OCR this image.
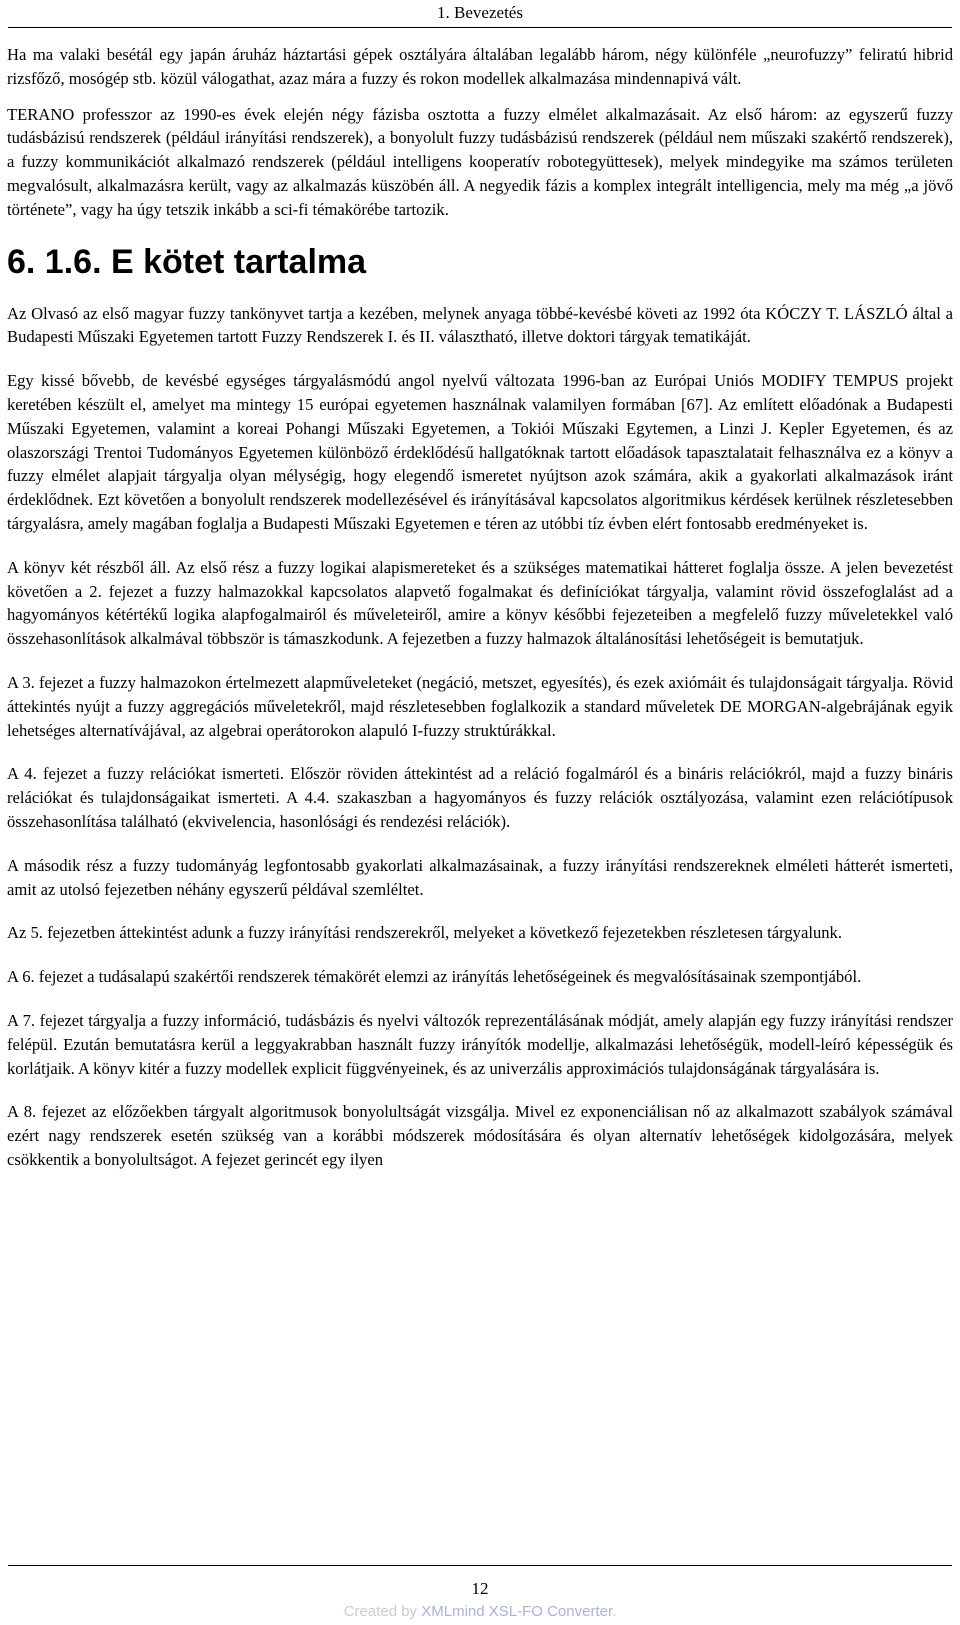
1. Bevezetés

Ha ma valaki besétál egy japán áruház háztartási gépek osztályára általában legalább három, négy különféle „neurofuzzy” feliratú hibrid rizsfőző, mosógép stb. közül válogathat, azaz mára a fuzzy és rokon modellek alkalmazása mindennapivá vált.

TERANO professzor az 1990-es évek elején négy fázisba osztotta a fuzzy elmélet alkalmazásait. Az első három: az egyszerű fuzzy tudásbázisú rendszerek (például irányítási rendszerek), a bonyolult fuzzy tudásbázisú rendszerek (például nem műszaki szakértő rendszerek), a fuzzy kommunikációt alkalmazó rendszerek (például intelligens kooperatív robotegyüttesek), melyek mindegyike ma számos területen megvalósult, alkalmazásra került, vagy az alkalmazás küszöbén áll. A negyedik fázis a komplex integrált intelligencia, mely ma még „a jövő története”, vagy ha úgy tetszik inkább a sci-fi témakörébe tartozik.

6. 1.6. E kötet tartalma

Az Olvasó az első magyar fuzzy tankönyvet tartja a kezében, melynek anyaga többé-kevésbé követi az 1992 óta KÓCZY T. LÁSZLÓ által a Budapesti Műszaki Egyetemen tartott Fuzzy Rendszerek I. és II. választható, illetve doktori tárgyak tematikáját.

Egy kissé bővebb, de kevésbé egységes tárgyalásmódú angol nyelvű változata 1996-ban az Európai Uniós MODIFY TEMPUS projekt keretében készült el, amelyet ma mintegy 15 európai egyetemen használnak valamilyen formában [67]. Az említett előadónak a Budapesti Műszaki Egyetemen, valamint a koreai Pohangi Műszaki Egyetemen, a Tokiói Műszaki Egytemen, a Linzi J. Kepler Egyetemen, és az olaszországi Trentoi Tudományos Egyetemen különböző érdeklődésű hallgatóknak tartott előadások tapasztalatait felhasználva ez a könyv a fuzzy elmélet alapjait tárgyalja olyan mélységig, hogy elegendő ismeretet nyújtson azok számára, akik a gyakorlati alkalmazások iránt érdeklődnek. Ezt követően a bonyolult rendszerek modellezésével és irányításával kapcsolatos algoritmikus kérdések kerülnek részletesebben tárgyalásra, amely magában foglalja a Budapesti Műszaki Egyetemen e téren az utóbbi tíz évben elért fontosabb eredményeket is.

A könyv két részből áll. Az első rész a fuzzy logikai alapismereteket és a szükséges matematikai hátteret foglalja össze. A jelen bevezetést követően a 2. fejezet a fuzzy halmazokkal kapcsolatos alapvető fogalmakat és definíciókat tárgyalja, valamint rövid összefoglalást ad a hagyományos kétértékű logika alapfogalmairól és műveleteiről, amire a könyv későbbi fejezeteiben a megfelelő fuzzy műveletekkel való összehasonlítások alkalmával többször is támaszkodunk. A fejezetben a fuzzy halmazok általánosítási lehetőségeit is bemutatjuk.

A 3. fejezet a fuzzy halmazokon értelmezett alapműveleteket (negáció, metszet, egyesítés), és ezek axiómáit és tulajdonságait tárgyalja. Rövid áttekintés nyújt a fuzzy aggregációs műveletekről, majd részletesebben foglalkozik a standard műveletek DE MORGAN-algebrájának egyik lehetséges alternatívájával, az algebrai operátorokon alapuló I-fuzzy struktúrákkal.

A 4. fejezet a fuzzy relációkat ismerteti. Először röviden áttekintést ad a reláció fogalmáról és a bináris relációkról, majd a fuzzy bináris relációkat és tulajdonságaikat ismerteti. A 4.4. szakaszban a hagyományos és fuzzy relációk osztályozása, valamint ezen relációtípusok összehasonlítása található (ekvivelencia, hasonlósági és rendezési relációk).

A második rész a fuzzy tudományág legfontosabb gyakorlati alkalmazásainak, a fuzzy irányítási rendszereknek elméleti hátterét ismerteti, amit az utolsó fejezetben néhány egyszerű példával szemléltet.

Az 5. fejezetben áttekintést adunk a fuzzy irányítási rendszerekről, melyeket a következő fejezetekben részletesen tárgyalunk.

A 6. fejezet a tudásalapú szakértői rendszerek témakörét elemzi az irányítás lehetőségeinek és megvalósításainak szempontjából.

A 7. fejezet tárgyalja a fuzzy információ, tudásbázis és nyelvi változók reprezentálásának módját, amely alapján egy fuzzy irányítási rendszer felépül. Ezután bemutatásra kerül a leggyakrabban használt fuzzy irányítók modellje, alkalmazási lehetőségük, modell-leíró képességük és korlátjaik. A könyv kitér a fuzzy modellek explicit függvényeinek, és az univerzális approximációs tulajdonságának tárgyalására is.

A 8. fejezet az előzőekben tárgyalt algoritmusok bonyolultságát vizsgálja. Mivel ez exponenciálisan nő az alkalmazott szabályok számával ezért nagy rendszerek esetén szükség van a korábbi módszerek módosítására és olyan alternatív lehetőségek kidolgozására, melyek csökkentik a bonyolultságot. A fejezet gerincét egy ilyen

12
Created by XMLmind XSL-FO Converter.
